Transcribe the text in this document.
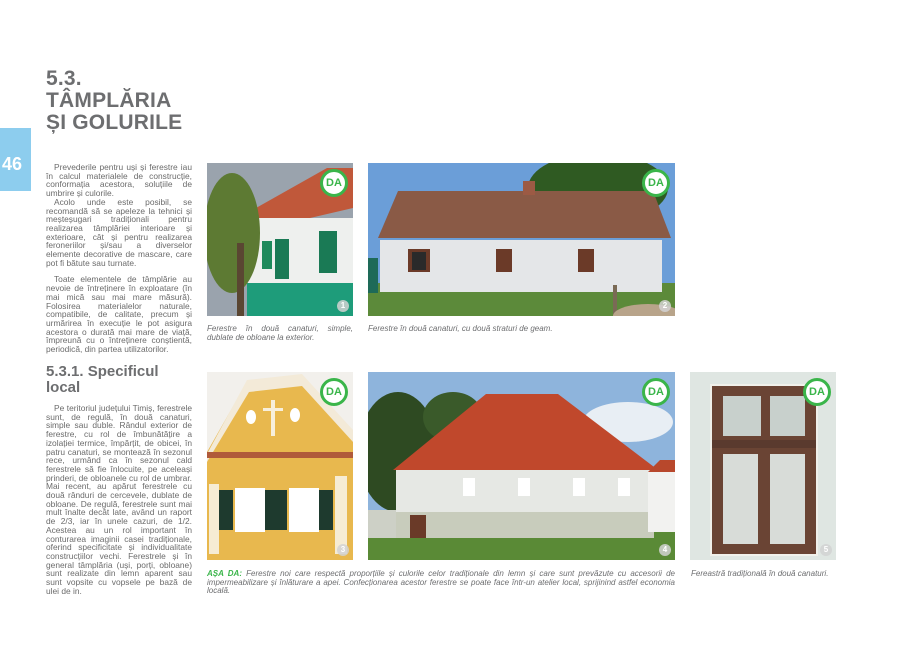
46
5.3.
TÂMPLĂRIA
ȘI GOLURILE

Prevederile pentru uși și ferestre iau în calcul materialele de construcție, conformația acestora, soluțiile de umbrire și culorile.

Acolo unde este posibil, se recomandă să se apeleze la tehnici și meșteșugari tradiționali pentru realizarea tâmplăriei interioare și exterioare, cât și pentru realizarea feroneriilor și/sau a diverselor elemente decorative de mascare, care pot fi bătute sau turnate.

Toate elementele de tâmplărie au nevoie de întreținere în exploatare (în mai mică sau mai mare măsură). Folosirea materialelor naturale, compatibile, de calitate, precum și urmărirea în execuție le pot asigura acestora o durată mai mare de viață, împreună cu o întreținere conștientă, periodică, din partea utilizatorilor.

5.3.1. Specificul
local

Pe teritoriul județului Timiș, ferestrele sunt, de regulă, în două canaturi, simple sau duble. Rândul exterior de ferestre, cu rol de îmbunătățire a izolației termice, împărțit, de obicei, în patru canaturi, se montează în sezonul rece, urmând ca în sezonul cald ferestrele să fie înlocuite, pe aceleași prinderi, de obloanele cu rol de umbrar. Mai recent, au apărut ferestrele cu două rânduri de cercevele, dublate de obloane. De regulă, ferestrele sunt mai mult înalte decât late, având un raport de 2/3, iar în unele cazuri, de 1/2. Acestea au un rol important în conturarea imaginii casei tradiționale, oferind specificitate și individualitate construcțiilor vechi. Ferestrele și în general tâmplăria (uși, porți, obloane) sunt realizate din lemn aparent sau sunt vopsite cu vopsele pe bază de ulei de in.

DA
1
Ferestre în două canaturi, simple, dublate de obloane la exterior.
DA
2
Ferestre în două canaturi, cu două straturi de geam.
DA
3
DA
4
DA
5
Fereastră tradițională în două canaturi.
AȘA DA: Ferestre noi care respectă proporțiile și culorile celor tradiționale din lemn și care sunt prevăzute cu accesorii de impermeabilizare și înlăturare a apei. Confecționarea acestor ferestre se poate face într-un atelier local, sprijinind astfel economia locală.
